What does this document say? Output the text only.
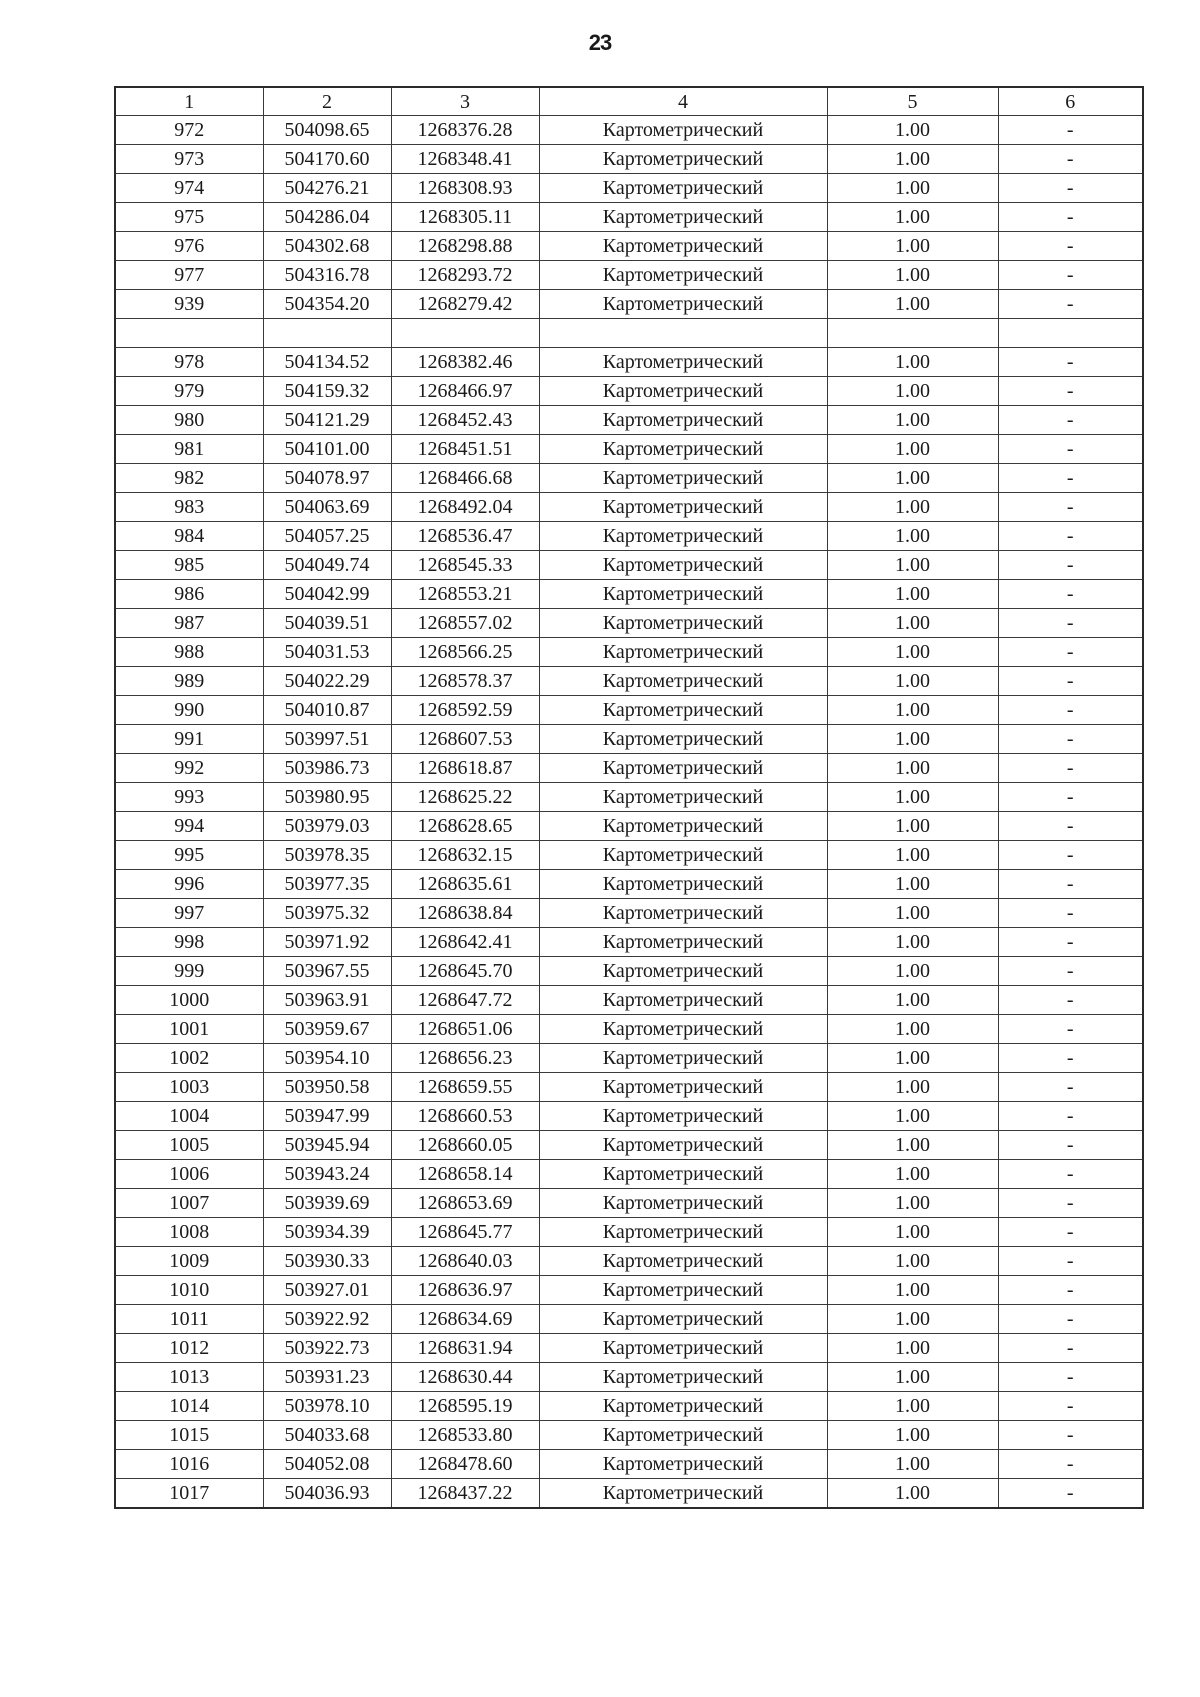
23
1	2	3	4	5	6
972	504098.65	1268376.28	Картометрический	1.00	-
973	504170.60	1268348.41	Картометрический	1.00	-
974	504276.21	1268308.93	Картометрический	1.00	-
975	504286.04	1268305.11	Картометрический	1.00	-
976	504302.68	1268298.88	Картометрический	1.00	-
977	504316.78	1268293.72	Картометрический	1.00	-
939	504354.20	1268279.42	Картометрический	1.00	-

978	504134.52	1268382.46	Картометрический	1.00	-
979	504159.32	1268466.97	Картометрический	1.00	-
980	504121.29	1268452.43	Картометрический	1.00	-
981	504101.00	1268451.51	Картометрический	1.00	-
982	504078.97	1268466.68	Картометрический	1.00	-
983	504063.69	1268492.04	Картометрический	1.00	-
984	504057.25	1268536.47	Картометрический	1.00	-
985	504049.74	1268545.33	Картометрический	1.00	-
986	504042.99	1268553.21	Картометрический	1.00	-
987	504039.51	1268557.02	Картометрический	1.00	-
988	504031.53	1268566.25	Картометрический	1.00	-
989	504022.29	1268578.37	Картометрический	1.00	-
990	504010.87	1268592.59	Картометрический	1.00	-
991	503997.51	1268607.53	Картометрический	1.00	-
992	503986.73	1268618.87	Картометрический	1.00	-
993	503980.95	1268625.22	Картометрический	1.00	-
994	503979.03	1268628.65	Картометрический	1.00	-
995	503978.35	1268632.15	Картометрический	1.00	-
996	503977.35	1268635.61	Картометрический	1.00	-
997	503975.32	1268638.84	Картометрический	1.00	-
998	503971.92	1268642.41	Картометрический	1.00	-
999	503967.55	1268645.70	Картометрический	1.00	-
1000	503963.91	1268647.72	Картометрический	1.00	-
1001	503959.67	1268651.06	Картометрический	1.00	-
1002	503954.10	1268656.23	Картометрический	1.00	-
1003	503950.58	1268659.55	Картометрический	1.00	-
1004	503947.99	1268660.53	Картометрический	1.00	-
1005	503945.94	1268660.05	Картометрический	1.00	-
1006	503943.24	1268658.14	Картометрический	1.00	-
1007	503939.69	1268653.69	Картометрический	1.00	-
1008	503934.39	1268645.77	Картометрический	1.00	-
1009	503930.33	1268640.03	Картометрический	1.00	-
1010	503927.01	1268636.97	Картометрический	1.00	-
1011	503922.92	1268634.69	Картометрический	1.00	-
1012	503922.73	1268631.94	Картометрический	1.00	-
1013	503931.23	1268630.44	Картометрический	1.00	-
1014	503978.10	1268595.19	Картометрический	1.00	-
1015	504033.68	1268533.80	Картометрический	1.00	-
1016	504052.08	1268478.60	Картометрический	1.00	-
1017	504036.93	1268437.22	Картометрический	1.00	-
